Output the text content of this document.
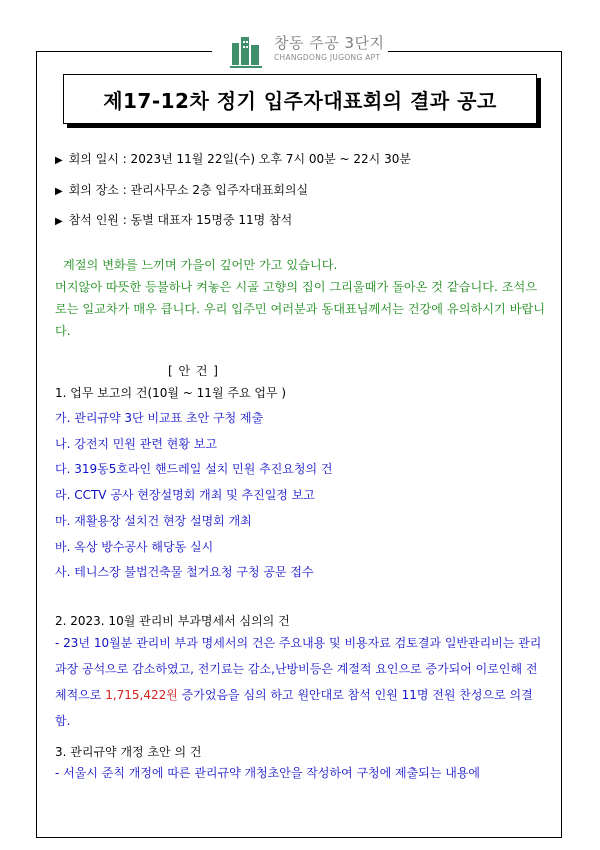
창동 주공 3단지
CHANGDONG JUGONG APT
제17-12차 정기 입주자대표회의 결과 공고
▶ 회의 일시 : 2023년 11월 22일(수) 오후 7시 00분 ~ 22시 30분
▶ 회의 장소 : 관리사무소 2층 입주자대표회의실
▶ 참석 인원 : 동별 대표자 15명중 11명 참석

계절의 변화를 느끼며 가을이 깊어만 가고 있습니다.

머지않아 따뜻한 등불하나 켜놓은 시골 고향의 집이 그리울때가 돌아온 것 같습니다. 조석으로는 일교차가 매우 큽니다. 우리 입주민 여러분과 동대표님께서는 건강에 유의하시기 바랍니다.

[ 안 건 ]
1. 업무 보고의 건(10월 ~ 11월 주요 업무 )
가. 관리규약 3단 비교표 초안 구청 제출
나. 강전지 민원 관련 현황 보고
다. 319동5호라인 핸드레일 설치 민원 추진요청의 건
라. CCTV 공사 현장설명회 개최 및 추진일정 보고
마. 재활용장 설치건 현장 설명회 개최
바. 옥상 방수공사 해당동 실시
사. 테니스장 불법건축물 철거요청 구청 공문 접수
2. 2023. 10월 관리비 부과명세서 심의의 건

- 23년 10월분 관리비 부과 명세서의 건은 주요내용 및 비용자료 검토결과 일반관리비는 관리과장 공석으로 감소하였고, 전기료는 감소,난방비등은 계절적 요인으로 증가되어 이로인해 전체적으로 1,715,422원 증가었음을 심의 하고 원안대로 참석 인원 11명 전원 찬성으로 의결 함.

3. 관리규약 개정 초안 의 건
- 서울시 준칙 개정에 따른 관리규약 개청초안을 작성하여 구청에 제출되는 내용에
